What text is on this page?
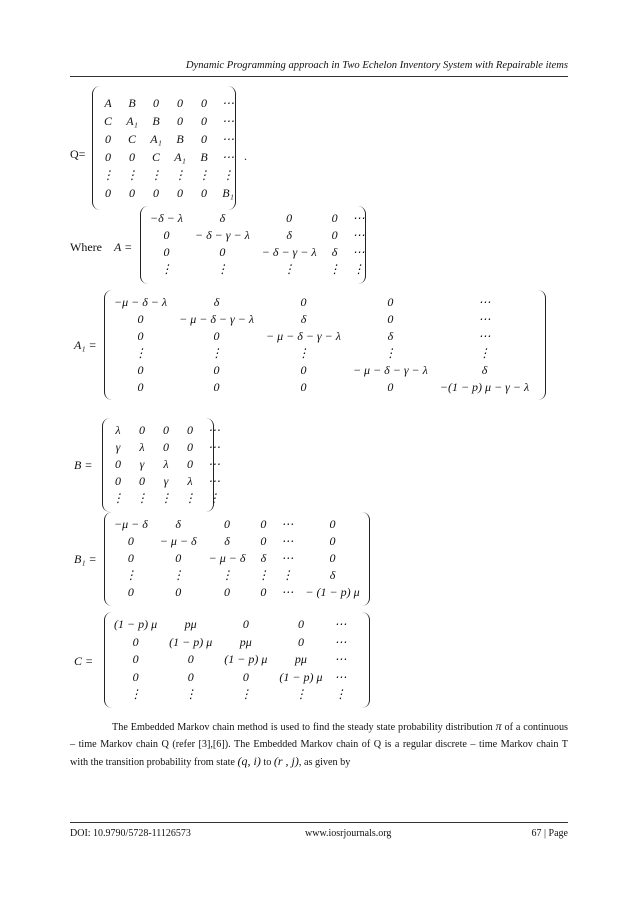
Dynamic Programming approach in Two Echelon Inventory System with Repairable items
Q=
A	B	0	0	0	⋯
C	A₁	B	0	0	⋯
0	C	A₁	B	0	⋯
0	0	C	A₁	B	⋯
⋮	⋮	⋮	⋮	⋮	⋮
0	0	0	0	0	B₁
.
Where A =
−δ − λ	δ	0	0	⋯
0	− δ − γ − λ	δ	0	⋯
0	0	− δ − γ − λ	δ	⋯
⋮	⋮	⋮	⋮	⋮
A₁ =
−μ − δ − λ	δ	0	0	⋯
0	− μ − δ − γ − λ	δ	0	⋯
0	0	− μ − δ − γ − λ	δ	⋯
⋮	⋮	⋮	⋮	⋮
0	0	0	− μ − δ − γ − λ	δ
0	0	0	0	−(1 − p) μ − γ − λ
B =
λ	0	0	0	⋯
γ	λ	0	0	⋯
0	γ	λ	0	⋯
0	0	γ	λ	⋯
⋮	⋮	⋮	⋮	⋮
B₁ =
−μ − δ	δ	0	0	⋯	0
0	− μ − δ	δ	0	⋯	0
0	0	− μ − δ	δ	⋯	0
⋮	⋮	⋮	⋮	⋮	δ
0	0	0	0	⋯	− (1 − p) μ
C =
(1 − p) μ	pμ	0	0	⋯
0	(1 − p) μ	pμ	0	⋯
0	0	(1 − p) μ	pμ	⋯
0	0	0	(1 − p) μ	⋯
⋮	⋮	⋮	⋮	⋮

The Embedded Markov chain method is used to find the steady state probability distribution π of a continuous – time Markov chain Q (refer [3],[6]). The Embedded Markov chain of Q is a regular discrete – time Markov chain T with the transition probability from state (q, i) to (r , j), as given by

DOI: 10.9790/5728-11126573	www.iosrjournals.org	67 | Page
